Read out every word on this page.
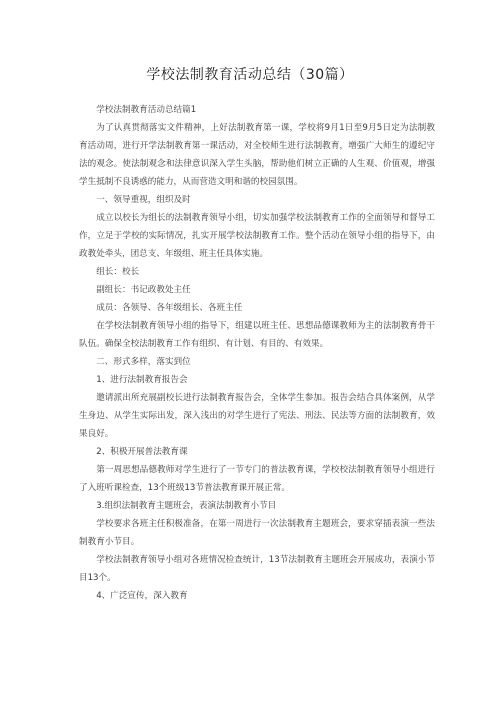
学校法制教育活动总结（30篇）

学校法制教育活动总结篇1

为了认真贯彻落实文件精神，上好法制教育第一课，学校将9月1日至9月5日定为法制教育活动周，进行开学法制教育第一课活动，对全校师生进行法制教育，增强广大师生的遵纪守法的观念。使法制观念和法律意识深入学生头脑，帮助他们树立正确的人生观、价值观，增强学生抵制不良诱惑的能力，从而营造文明和谐的校园氛围。

一、领导重视，组织及时

成立以校长为组长的法制教育领导小组，切实加强学校法制教育工作的全面领导和督导工作，立足于学校的实际情况，扎实开展学校法制教育工作。整个活动在领导小组的指导下，由政教处牵头，团总支、年级组、班主任具体实施。

组长：校长

副组长：书记政教处主任

成员：各领导、各年级组长、各班主任

在学校法制教育领导小组的指导下，组建以班主任、思想品德课教师为主的法制教育骨干队伍。确保全校法制教育工作有组织、有计划、有目的、有效果。

二、形式多样，落实到位

1、进行法制教育报告会

邀请派出所充展副校长进行法制教育报告会，全体学生参加。报告会结合具体案例，从学生身边、从学生实际出发，深入浅出的对学生进行了宪法、刑法、民法等方面的法制教育，效果良好。

2、积极开展普法教育课

第一周思想品德教师对学生进行了一节专门的普法教育课，学校校法制教育领导小组进行了入班听课检查，13个班级13节普法教育课开展正常。

3.组织法制教育主题班会，表演法制教育小节目

学校要求各班主任积极准备，在第一周进行一次法制教育主题班会，要求穿插表演一些法制教育小节目。

学校法制教育领导小组对各班情况检查统计，13节法制教育主题班会开展成功，表演小节目13个。

4、广泛宣传，深入教育
